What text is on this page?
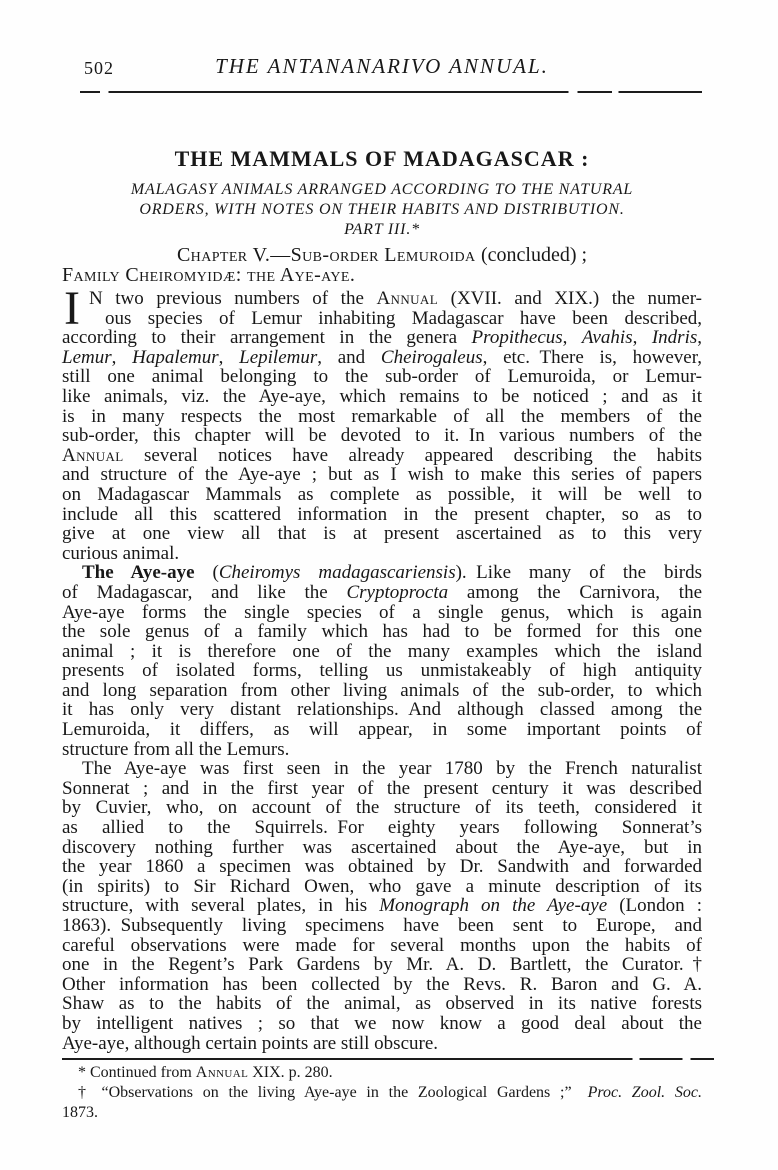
502	THE ANTANANARIVO ANNUAL.
THE MAMMALS OF MADAGASCAR :
MALAGASY ANIMALS ARRANGED ACCORDING TO THE NATURAL
ORDERS, WITH NOTES ON THEIR HABITS AND DISTRIBUTION.
PART III.*
Chapter V.—Sub-order Lemuroida (concluded) ;
Family Cheiromyidæ: the Aye-aye.
I N two previous numbers of the Annual (XVII. and XIX.) the numer-
ous species of Lemur inhabiting Madagascar have been described,
according to their arrangement in the genera Propithecus, Avahis, Indris,
Lemur, Hapalemur, Lepilemur, and Cheirogaleus, etc. There is, however,
still one animal belonging to the sub-order of Lemuroida, or Lemur-
like animals, viz. the Aye-aye, which remains to be noticed ; and as it
is in many respects the most remarkable of all the members of the
sub-order, this chapter will be devoted to it. In various numbers of the
Annual several notices have already appeared describing the habits
and structure of the Aye-aye ; but as I wish to make this series of papers
on Madagascar Mammals as complete as possible, it will be well to
include all this scattered information in the present chapter, so as to
give at one view all that is at present ascertained as to this very
curious animal.
The Aye-aye (Cheiromys madagascariensis). Like many of the birds
of Madagascar, and like the Cryptoprocta among the Carnivora, the
Aye-aye forms the single species of a single genus, which is again
the sole genus of a family which has had to be formed for this one
animal ; it is therefore one of the many examples which the island
presents of isolated forms, telling us unmistakeably of high antiquity
and long separation from other living animals of the sub-order, to which
it has only very distant relationships. And although classed among the
Lemuroida, it differs, as will appear, in some important points of
structure from all the Lemurs.
The Aye-aye was first seen in the year 1780 by the French naturalist
Sonnerat ; and in the first year of the present century it was described
by Cuvier, who, on account of the structure of its teeth, considered it
as allied to the Squirrels. For eighty years following Sonnerat’s
discovery nothing further was ascertained about the Aye-aye, but in
the year 1860 a specimen was obtained by Dr. Sandwith and forwarded
(in spirits) to Sir Richard Owen, who gave a minute description of its
structure, with several plates, in his Monograph on the Aye-aye (London :
1863). Subsequently living specimens have been sent to Europe, and
careful observations were made for several months upon the habits of
one in the Regent’s Park Gardens by Mr. A. D. Bartlett, the Curator.†
Other information has been collected by the Revs. R. Baron and G. A.
Shaw as to the habits of the animal, as observed in its native forests
by intelligent natives ; so that we now know a good deal about the
Aye-aye, although certain points are still obscure.
* Continued from Annual XIX. p. 280.
† “Observations on the living Aye-aye in the Zoological Gardens ;”  Proc. Zool. Soc.
1873.
